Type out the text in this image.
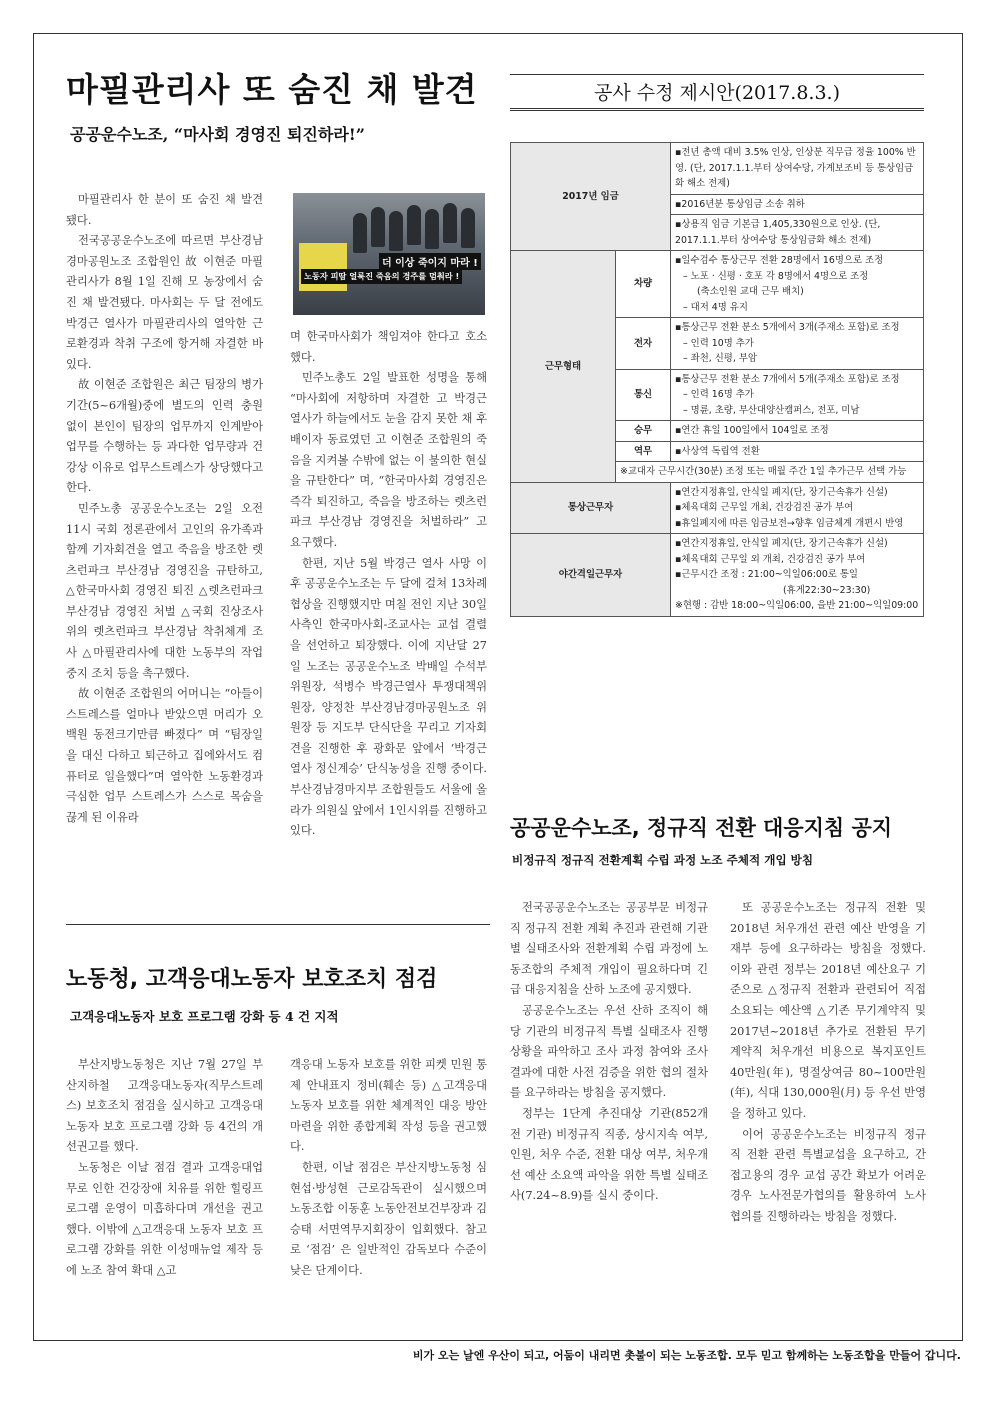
마필관리사 또 숨진 채 발견
공공운수노조, “마사회 경영진 퇴진하라!”

마필관리사 한 분이 또 숨진 채 발견됐다.

전국공공운수노조에 따르면 부산경남경마공원노조 조합원인 故 이현준 마필관리사가 8월 1일 진해 모 농장에서 숨진 채 발견됐다. 마사회는 두 달 전에도 박경근 열사가 마필관리사의 열악한 근로환경과 착취 구조에 항거해 자결한 바 있다.

故 이현준 조합원은 최근 팀장의 병가기간(5~6개월)중에 별도의 인력 충원 없이 본인이 팀장의 업무까지 인계받아 업무를 수행하는 등 과다한 업무량과 건강상 이유로 업무스트레스가 상당했다고 한다.

민주노총 공공운수노조는 2일 오전 11시 국회 정론관에서 고인의 유가족과 함께 기자회견을 열고 죽음을 방조한 렛츠런파크 부산경남 경영진을 규탄하고, △한국마사회 경영진 퇴진 △렛츠런파크 부산경남 경영진 처벌 △국회 진상조사위의 렛츠런파크 부산경남 착취체계 조사 △마필관리사에 대한 노동부의 작업중지 조치 등을 촉구했다.

故 이현준 조합원의 어머니는 “아들이 스트레스를 얼마나 받았으면 머리가 오백원 동전크기만큼 빠졌다” 며 “팀장일을 대신 다하고 퇴근하고 집에와서도 컴퓨터로 일을했다”며 열악한 노동환경과 극심한 업무 스트레스가 스스로 목숨을 끊게 된 이유라

더 이상 죽이지 마라 !
노동자 피땀 얼룩진 죽음의 경주를 멈춰라 !

며 한국마사회가 책임져야 한다고 호소했다.

민주노총도 2일 발표한 성명을 통해 “마사회에 저항하며 자결한 고 박경근 열사가 하늘에서도 눈을 감지 못한 채 후배이자 동료였던 고 이현준 조합원의 죽음을 지켜볼 수밖에 없는 이 불의한 현실을 규탄한다” 며, “한국마사회 경영진은 즉각 퇴진하고, 죽음을 방조하는 렛츠런파크 부산경남 경영진을 처벌하라” 고 요구했다.

한편, 지난 5월 박경근 열사 사망 이후 공공운수노조는 두 달에 걸쳐 13차례 협상을 진행했지만 며칠 전인 지난 30일 사측인 한국마사회-조교사는 교섭 결렬을 선언하고 퇴장했다. 이에 지난달 27일 노조는 공공운수노조 박배일 수석부위원장, 석병수 박경근열사 투쟁대책위원장, 양정찬 부산경남경마공원노조 위원장 등 지도부 단식단을 꾸리고 기자회견을 진행한 후 광화문 앞에서 ‘박경근 열사 정신계승’ 단식농성을 진행 중이다. 부산경남경마지부 조합원들도 서울에 올라가 의원실 앞에서 1인시위를 진행하고 있다.

노동청, 고객응대노동자 보호조치 점검
고객응대노동자 보호 프로그램 강화 등 4 건 지적

부산지방노동청은 지난 7월 27일 부산지하철 고객응대노동자(직무스트레스) 보호조치 점검을 실시하고 고객응대노동자 보호 프로그램 강화 등 4건의 개선권고를 했다.

노동청은 이날 점검 결과 고객응대업무로 인한 건강장애 치유를 위한 힐링프로그램 운영이 미흡하다며 개선을 권고했다. 이밖에 △고객응대 노동자 보호 프로그램 강화를 위한 이성매뉴얼 제작 등에 노조 참여 확대 △고

객응대 노동자 보호를 위한 피켓 민원 통제 안내표지 정비(훼손 등) △고객응대 노동자 보호를 위한 체계적인 대응 방안 마련을 위한 종합계획 작성 등을 권고했다.

한편, 이날 점검은 부산지방노동청 심현섭·방성현 근로감독관이 실시했으며 노동조합 이동훈 노동안전보건부장과 김승태 서면역무지회장이 입회했다. 참고로 ‘점검’ 은 일반적인 감독보다 수준이 낮은 단계이다.

공사 수정 제시안(2017.8.3.)
2017년 임금		▪전년 총액 대비 3.5% 인상, 인상분 직무급 정율 100% 반영. (단, 2017.1.1.부터 상여수당, 가계보조비 등 통상임금화 해소 전제)
		▪2016년분 통상임금 소송 취하
		▪상용직 임금 기본급 1,405,330원으로 인상. (단, 2017.1.1.부터 상여수당 통상임금화 해소 전제)
근무형태	차량	▪일수검수 통상근무 전환 28명에서 16명으로 조정
– 노포 · 신평 · 호포 각 8명에서 4명으로 조정
(축소인원 교대 근무 배치)
– 대저 4명 유지

	전자	▪통상근무 전환 분소 5개에서 3개(주재소 포함)로 조정
– 인력 10명 추가
– 좌천, 신평, 부암

	통신	▪통상근무 전환 분소 7개에서 5개(주재소 포함)로 조정
– 인력 16명 추가
– 명륜, 초량, 부산대양산캠퍼스, 전포, 미남

	승무	▪연간 휴일 100일에서 104일로 조정
	역무	▪사상역 독립역 전환
	※교대자 근무시간(30분) 조정 또는 매월 주간 1일 추가근무 선택 가능	
통상근무자		▪연간지정휴일, 안식일 폐지(단, 장기근속휴가 신설)
▪체육대회 근무일 개최, 건강검진 공가 부여
▪휴일폐지에 따른 임금보전→향후 임금체계 개편시 반영

야간격일근무자		▪연간지정휴일, 안식일 폐지(단, 장기근속휴가 신설)
▪체육대회 근무일 외 개최, 건강검진 공가 부여
▪근무시간 조정 : 21:00~익일06:00로 통일
(휴게22:30~23:30)
※현행 : 감반 18:00~익일06:00, 을반 21:00~익일09:00
공공운수노조, 정규직 전환 대응지침 공지
비정규직 정규직 전환계획 수립 과정 노조 주체적 개입 방침

전국공공운수노조는 공공부문 비정규직 정규직 전환 계획 추진과 관련해 기관별 실태조사와 전환계획 수립 과정에 노동조합의 주체적 개입이 필요하다며 긴급 대응지침을 산하 노조에 공지했다.

공공운수노조는 우선 산하 조직이 해당 기관의 비정규직 특별 실태조사 진행 상황을 파악하고 조사 과정 참여와 조사 결과에 대한 사전 검증을 위한 협의 절차를 요구하라는 방침을 공지했다.

정부는 1단계 추진대상 기관(852개 전 기관) 비정규직 직종, 상시지속 여부, 인원, 처우 수준, 전환 대상 여부, 처우개선 예산 소요액 파악을 위한 특별 실태조사(7.24~8.9)를 실시 중이다.

또 공공운수노조는 정규직 전환 및 2018년 처우개선 관련 예산 반영을 기재부 등에 요구하라는 방침을 정했다. 이와 관련 정부는 2018년 예산요구 기준으로 △정규직 전환과 관련되어 직접 소요되는 예산액 △기존 무기계약직 및 2017년~2018년 추가로 전환된 무기계약직 처우개선 비용으로 복지포인트 40만원(年), 명절상여금 80~100만원(年), 식대 130,000원(月) 등 우선 반영을 정하고 있다.

이어 공공운수노조는 비정규직 정규직 전환 관련 특별교섭을 요구하고, 간접고용의 경우 교섭 공간 확보가 어려운 경우 노사전문가협의를 활용하여 노사협의를 진행하라는 방침을 정했다.

비가 오는 날엔 우산이 되고, 어둠이 내리면 촛불이 되는 노동조합. 모두 믿고 함께하는 노동조합을 만들어 갑니다.
